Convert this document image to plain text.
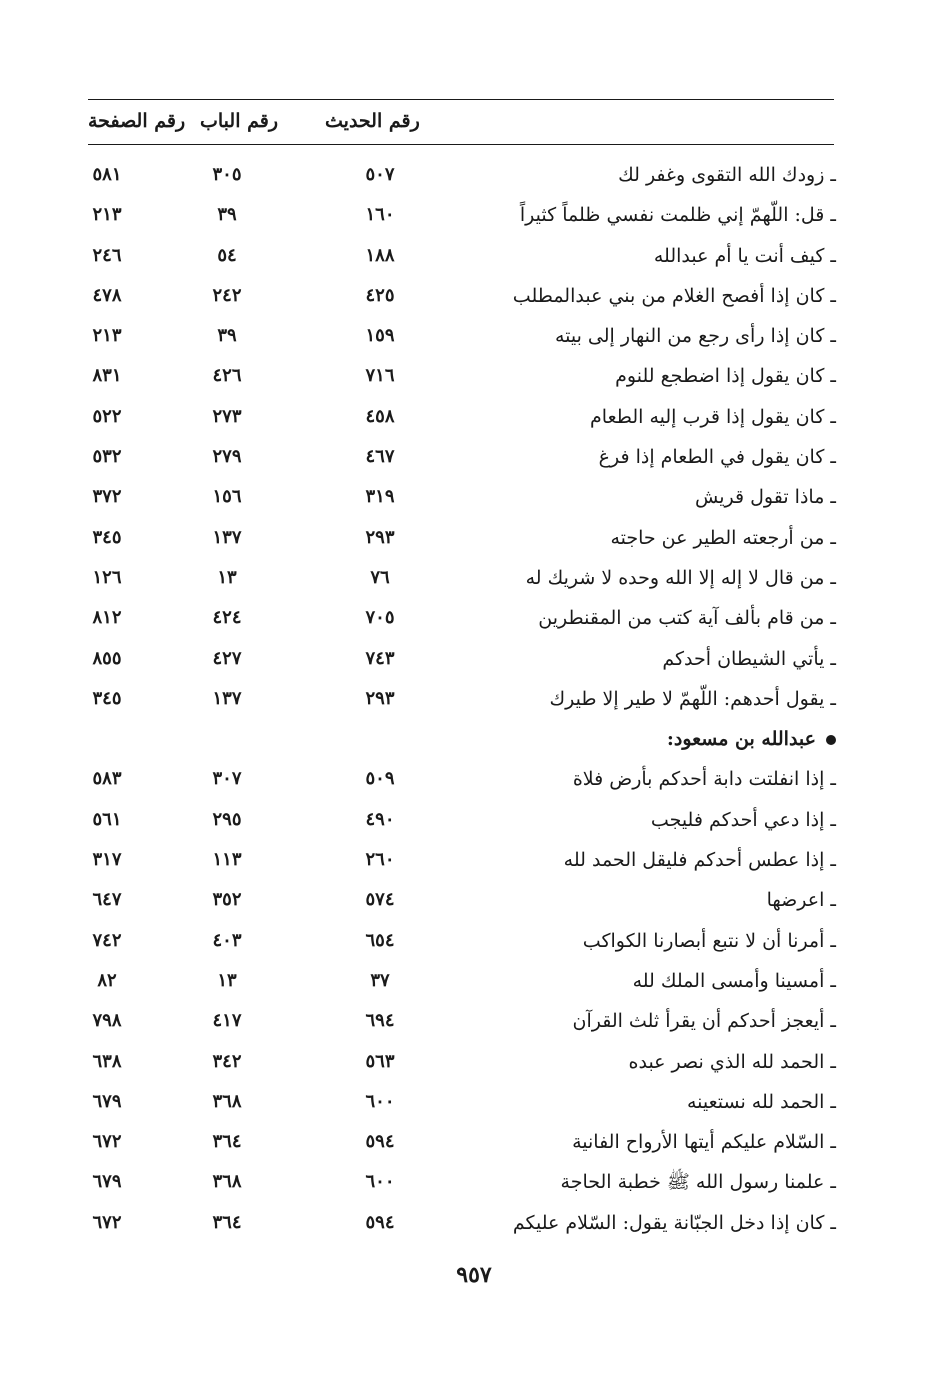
رقم الحديث
رقم الباب
رقم الصفحة
ـ زودك الله التقوى وغفر لك
٥٠٧
٣٠٥
٥٨١
ـ قل: اللّهمّ إني ظلمت نفسي ظلماً كثيراً
١٦٠
٣٩
٢١٣
ـ كيف أنت يا أم عبدالله
١٨٨
٥٤
٢٤٦
ـ كان إذا أفصح الغلام من بني عبدالمطلب
٤٢٥
٢٤٢
٤٧٨
ـ كان إذا رأى رجع من النهار إلى بيته
١٥٩
٣٩
٢١٣
ـ كان يقول إذا اضطجع للنوم
٧١٦
٤٢٦
٨٣١
ـ كان يقول إذا قرب إليه الطعام
٤٥٨
٢٧٣
٥٢٢
ـ كان يقول في الطعام إذا فرغ
٤٦٧
٢٧٩
٥٣٢
ـ ماذا تقول قريش
٣١٩
١٥٦
٣٧٢
ـ من أرجعته الطير عن حاجته
٢٩٣
١٣٧
٣٤٥
ـ من قال لا إله إلا الله وحده لا شريك له
٧٦
١٣
١٢٦
ـ من قام بألف آية كتب من المقنطرين
٧٠٥
٤٢٤
٨١٢
ـ يأتي الشيطان أحدكم
٧٤٣
٤٢٧
٨٥٥
ـ يقول أحدهم: اللّهمّ لا طير إلا طيرك
٢٩٣
١٣٧
٣٤٥
عبدالله بن مسعود:
ـ إذا انفلتت دابة أحدكم بأرض فلاة
٥٠٩
٣٠٧
٥٨٣
ـ إذا دعي أحدكم فليجب
٤٩٠
٢٩٥
٥٦١
ـ إذا عطس أحدكم فليقل الحمد لله
٢٦٠
١١٣
٣١٧
ـ اعرضها
٥٧٤
٣٥٢
٦٤٧
ـ أمرنا أن لا نتبع أبصارنا الكواكب
٦٥٤
٤٠٣
٧٤٢
ـ أمسينا وأمسى الملك لله
٣٧
١٣
٨٢
ـ أيعجز أحدكم أن يقرأ ثلث القرآن
٦٩٤
٤١٧
٧٩٨
ـ الحمد لله الذي نصر عبده
٥٦٣
٣٤٢
٦٣٨
ـ الحمد لله نستعينه
٦٠٠
٣٦٨
٦٧٩
ـ السّلام عليكم أيتها الأرواح الفانية
٥٩٤
٣٦٤
٦٧٢
ـ علمنا رسول الله ﷺ خطبة الحاجة
٦٠٠
٣٦٨
٦٧٩
ـ كان إذا دخل الجبّانة يقول: السّلام عليكم
٥٩٤
٣٦٤
٦٧٢
٩٥٧
